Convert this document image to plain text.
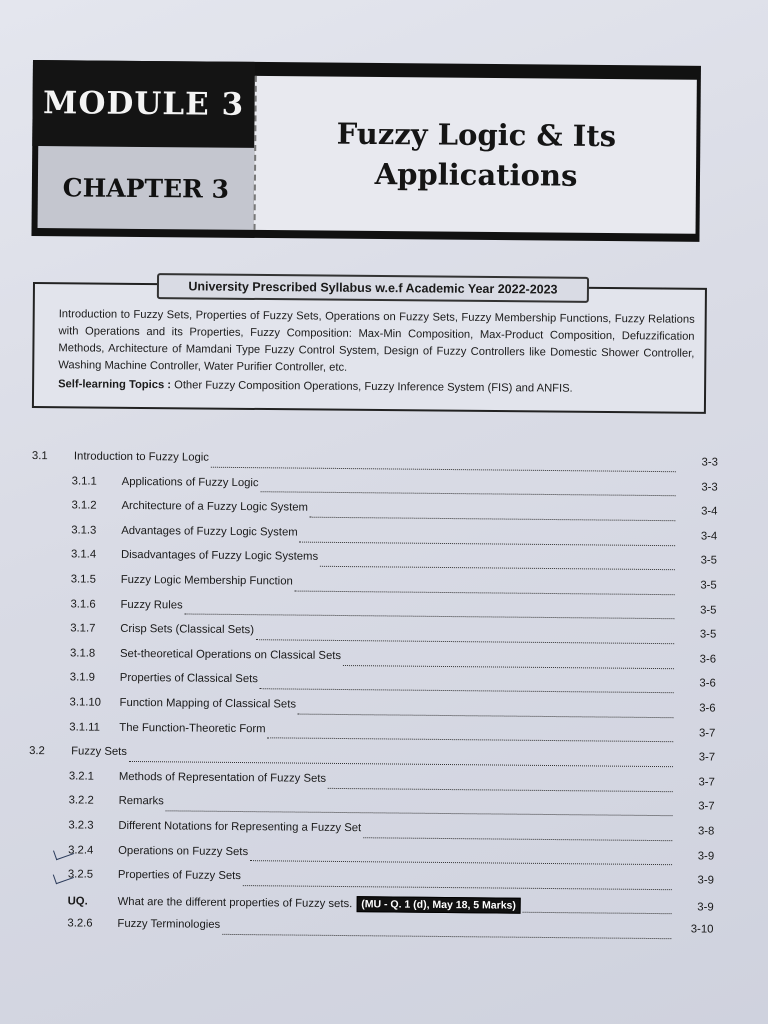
MODULE 3
CHAPTER 3
Fuzzy Logic & Its
Applications
University Prescribed Syllabus w.e.f Academic Year 2022-2023
Introduction to Fuzzy Sets, Properties of Fuzzy Sets, Operations on Fuzzy Sets, Fuzzy Membership Functions, Fuzzy Relations with Operations and its Properties, Fuzzy Composition: Max-Min Composition, Max-Product Composition, Defuzzification Methods, Architecture of Mamdani Type Fuzzy Control System, Design of Fuzzy Controllers like Domestic Shower Controller, Washing Machine Controller, Water Purifier Controller, etc.
Self-learning Topics : Other Fuzzy Composition Operations, Fuzzy Inference System (FIS) and ANFIS.
3.1	Introduction to Fuzzy Logic	3-3
3.1.1	Applications of Fuzzy Logic	3-3
3.1.2	Architecture of a Fuzzy Logic System	3-4
3.1.3	Advantages of Fuzzy Logic System	3-4
3.1.4	Disadvantages of Fuzzy Logic Systems	3-5
3.1.5	Fuzzy Logic Membership Function	3-5
3.1.6	Fuzzy Rules	3-5
3.1.7	Crisp Sets (Classical Sets)	3-5
3.1.8	Set-theoretical Operations on Classical Sets	3-6
3.1.9	Properties of Classical Sets	3-6
3.1.10	Function Mapping of Classical Sets	3-6
3.1.11	The Function-Theoretic Form	3-7
3.2	Fuzzy Sets	3-7
3.2.1	Methods of Representation of Fuzzy Sets	3-7
3.2.2	Remarks	3-7
3.2.3	Different Notations for Representing a Fuzzy Set	3-8
3.2.4	Operations on Fuzzy Sets	3-9
3.2.5	Properties of Fuzzy Sets	3-9
UQ.	What are the different properties of Fuzzy sets. (MU - Q. 1 (d), May 18, 5 Marks)	3-9
3.2.6	Fuzzy Terminologies	3-10
